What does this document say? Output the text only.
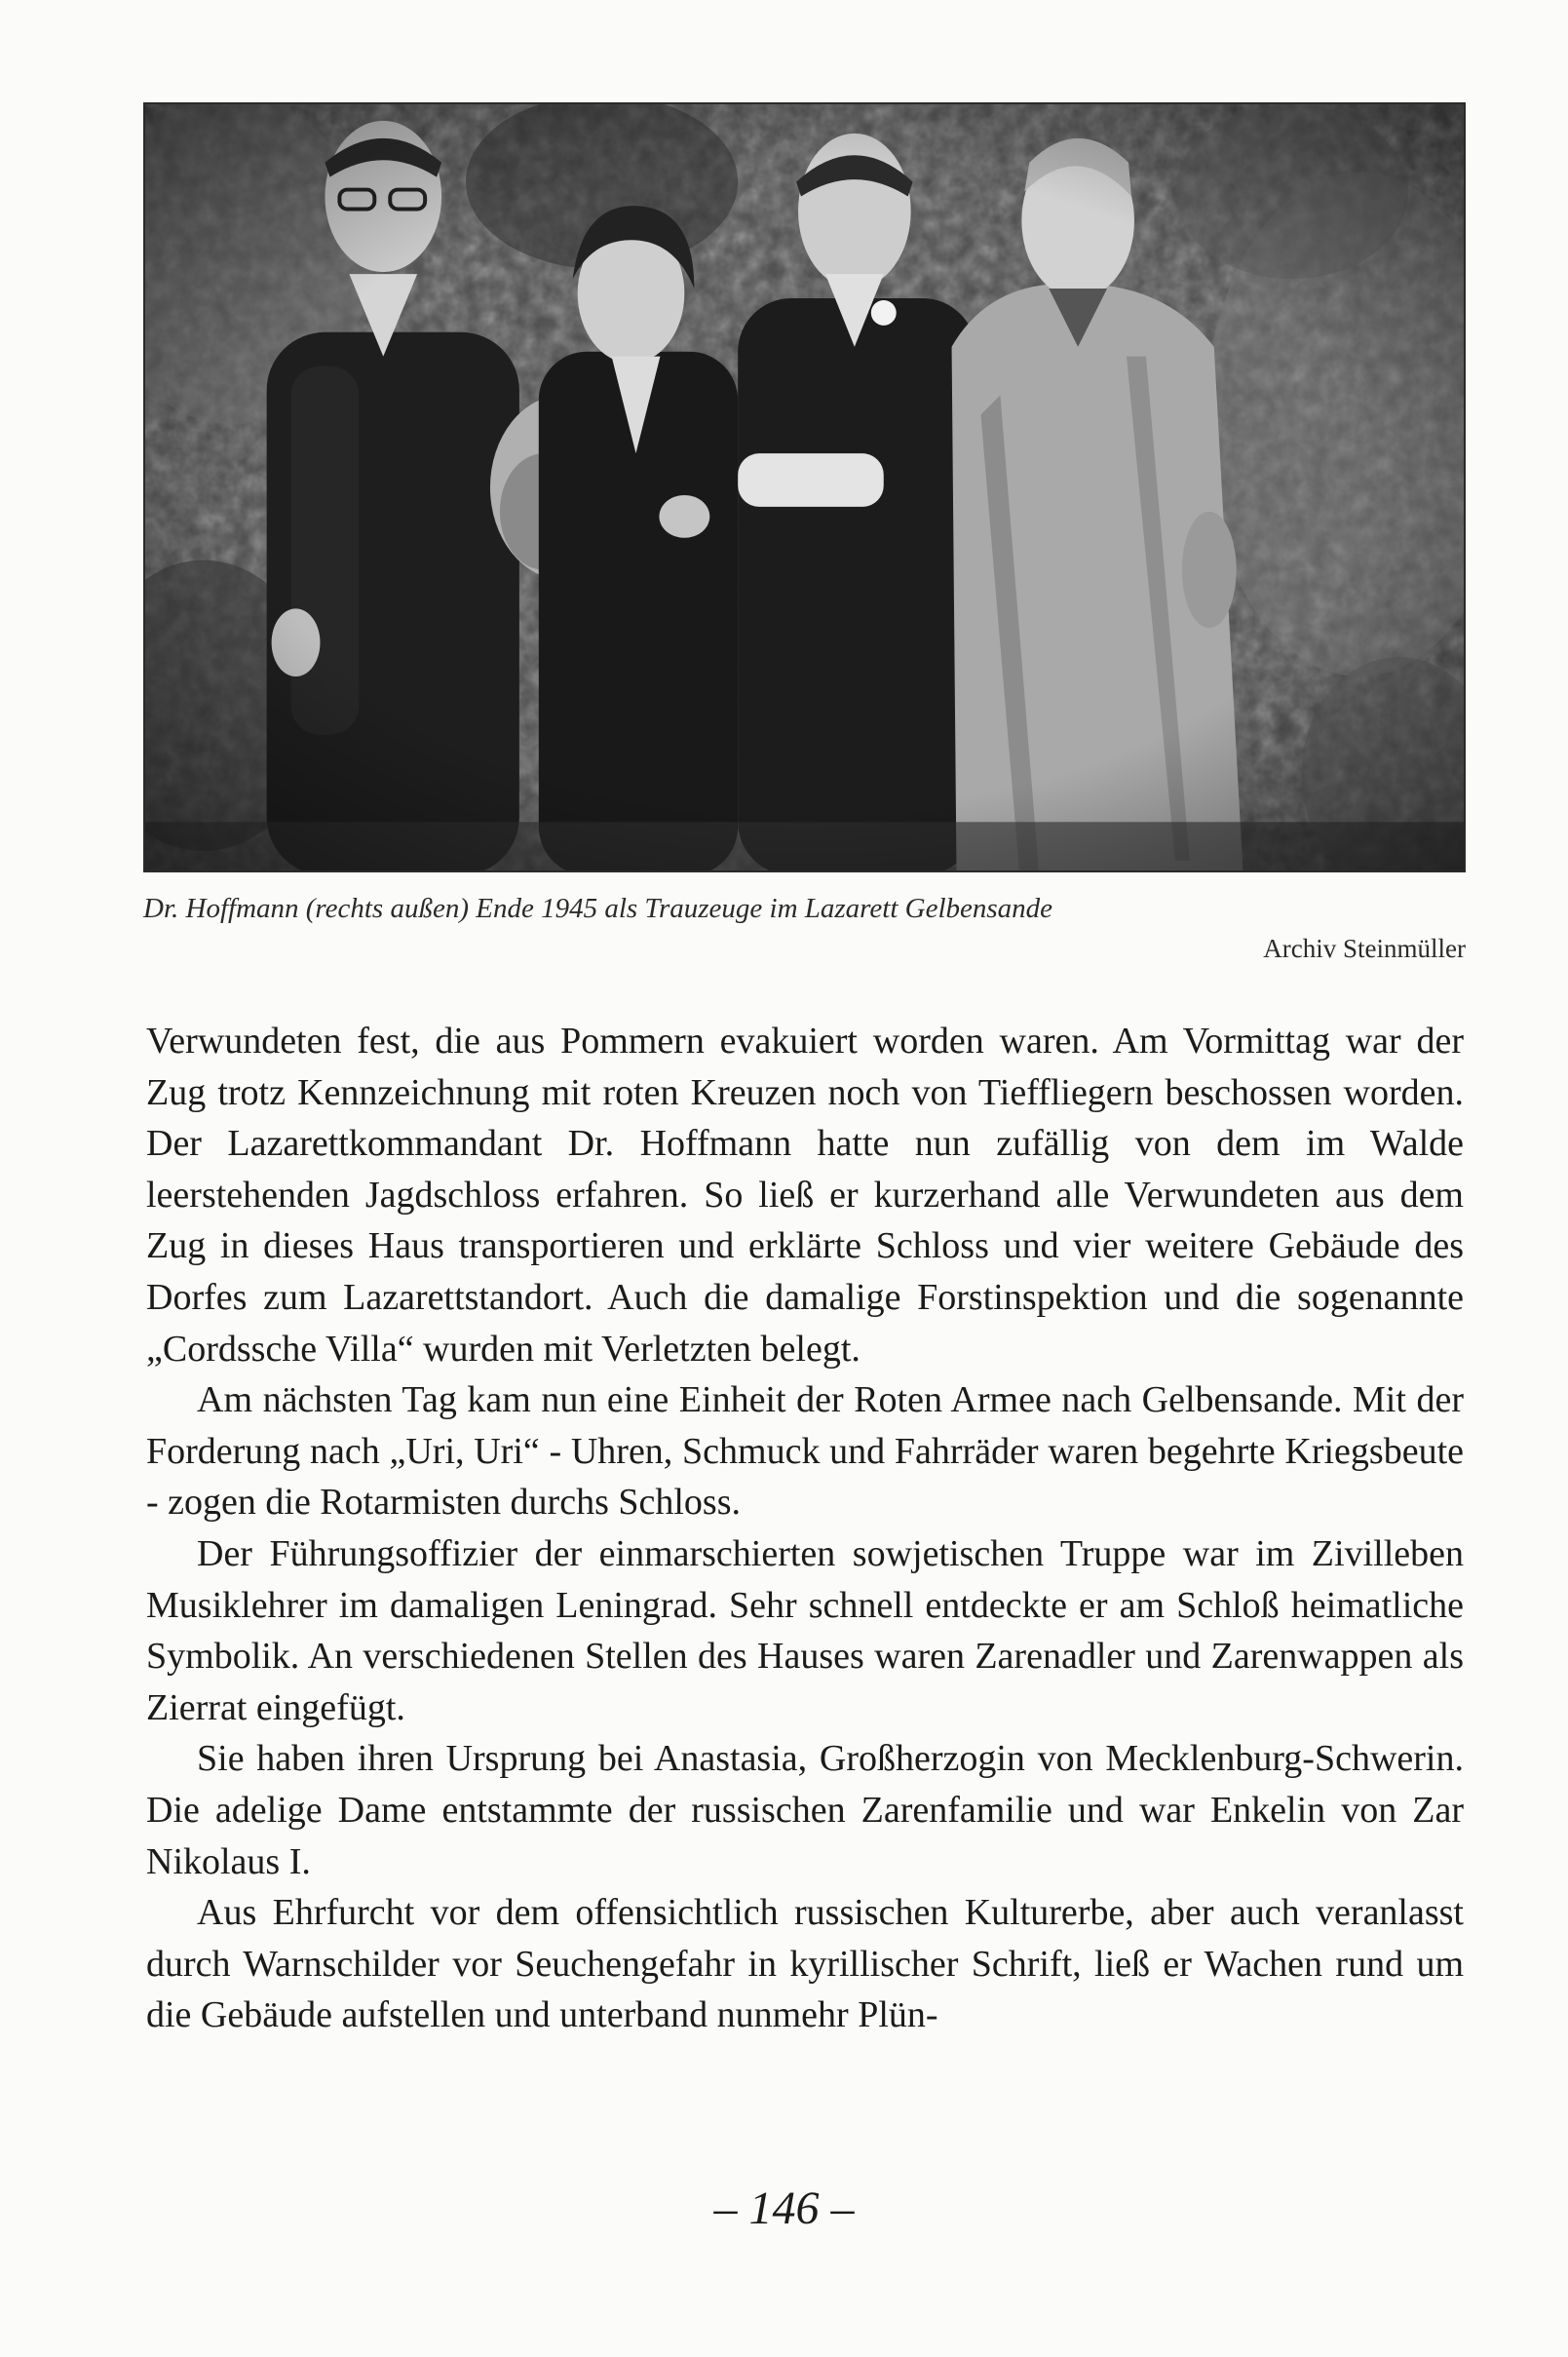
Dr. Hoffmann (rechts außen) Ende 1945 als Trauzeuge im Lazarett Gelbensande

Archiv Steinmüller

Verwundeten fest, die aus Pommern evakuiert worden waren. Am Vormittag war der Zug trotz Kennzeichnung mit roten Kreuzen noch von Tieffliegern beschossen worden. Der Lazarettkommandant Dr. Hoffmann hatte nun zufällig von dem im Walde leerstehenden Jagdschloss erfahren. So ließ er kurzerhand alle Verwundeten aus dem Zug in dieses Haus transportieren und erklärte Schloss und vier weitere Gebäude des Dorfes zum Lazarettstandort. Auch die damalige Forstinspektion und die sogenannte „Cordssche Villa“ wurden mit Verletzten belegt.

Am nächsten Tag kam nun eine Einheit der Roten Armee nach Gelbensande. Mit der Forderung nach „Uri, Uri“ - Uhren, Schmuck und Fahrräder waren begehrte Kriegsbeute - zogen die Rotarmisten durchs Schloss.

Der Führungsoffizier der einmarschierten sowjetischen Truppe war im Zivilleben Musiklehrer im damaligen Leningrad. Sehr schnell entdeckte er am Schloß heimatliche Symbolik. An verschiedenen Stellen des Hauses waren Zarenadler und Zarenwappen als Zierrat eingefügt.

Sie haben ihren Ursprung bei Anastasia, Großherzogin von Mecklenburg-Schwerin. Die adelige Dame entstammte der russischen Zarenfamilie und war Enkelin von Zar Nikolaus I.

Aus Ehrfurcht vor dem offensichtlich russischen Kulturerbe, aber auch veranlasst durch Warnschilder vor Seuchengefahr in kyrillischer Schrift, ließ er Wachen rund um die Gebäude aufstellen und unterband nunmehr Plün-

– 146 –
